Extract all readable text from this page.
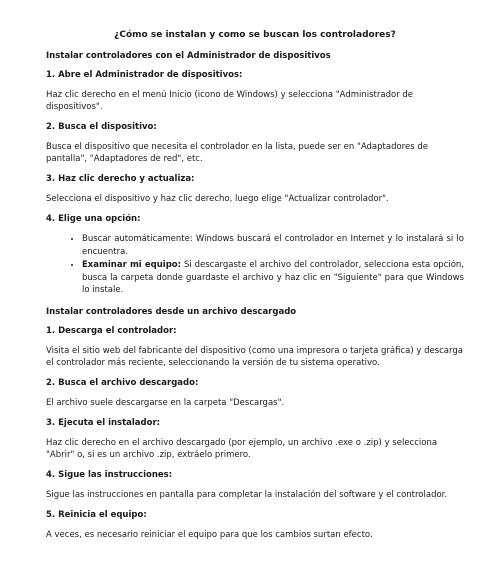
¿Cómo se instalan y como se buscan los controladores?
Instalar controladores con el Administrador de dispositivos
1. Abre el Administrador de dispositivos:
Haz clic derecho en el menú Inicio (icono de Windows) y selecciona "Administrador de dispositivos".
2. Busca el dispositivo:
Busca el dispositivo que necesita el controlador en la lista, puede ser en "Adaptadores de pantalla", "Adaptadores de red", etc.
3. Haz clic derecho y actualiza:
Selecciona el dispositivo y haz clic derecho, luego elige "Actualizar controlador".
4. Elige una opción:
• Buscar automáticamente: Windows buscará el controlador en Internet y lo instalará si lo encuentra.
• Examinar mi equipo: Si descargaste el archivo del controlador, selecciona esta opción, busca la carpeta donde guardaste el archivo y haz clic en "Siguiente" para que Windows lo instale.
Instalar controladores desde un archivo descargado
1. Descarga el controlador:
Visita el sitio web del fabricante del dispositivo (como una impresora o tarjeta gráfica) y descarga el controlador más reciente, seleccionando la versión de tu sistema operativo.
2. Busca el archivo descargado:
El archivo suele descargarse en la carpeta "Descargas".
3. Ejecuta el instalador:
Haz clic derecho en el archivo descargado (por ejemplo, un archivo .exe o .zip) y selecciona "Abrir" o, si es un archivo .zip, extráelo primero.
4. Sigue las instrucciones:
Sigue las instrucciones en pantalla para completar la instalación del software y el controlador.
5. Reinicia el equipo:
A veces, es necesario reiniciar el equipo para que los cambios surtan efecto.
